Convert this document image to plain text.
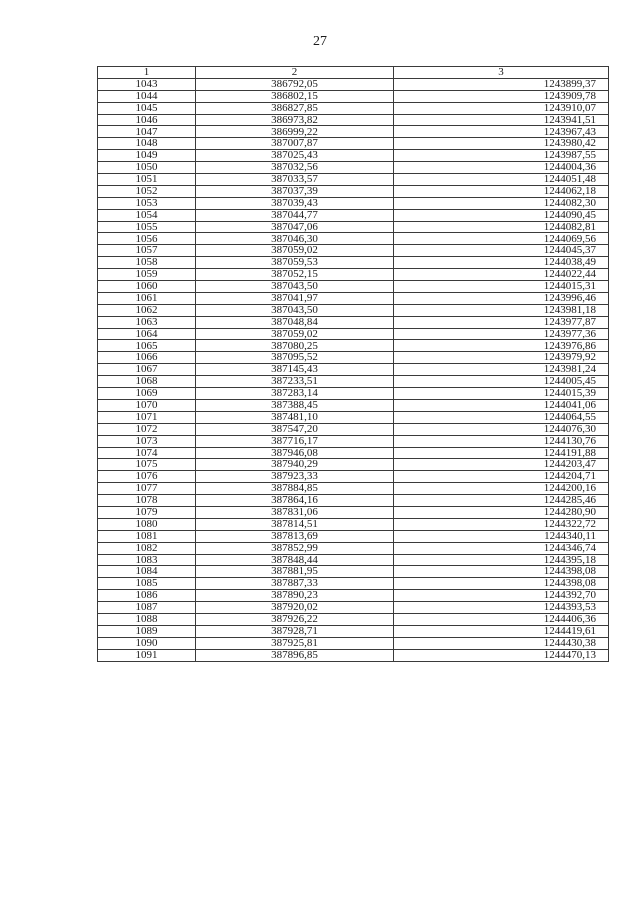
27
1	2	3
1043	386792,05	1243899,37
1044	386802,15	1243909,78
1045	386827,85	1243910,07
1046	386973,82	1243941,51
1047	386999,22	1243967,43
1048	387007,87	1243980,42
1049	387025,43	1243987,55
1050	387032,56	1244004,36
1051	387033,57	1244051,48
1052	387037,39	1244062,18
1053	387039,43	1244082,30
1054	387044,77	1244090,45
1055	387047,06	1244082,81
1056	387046,30	1244069,56
1057	387059,02	1244045,37
1058	387059,53	1244038,49
1059	387052,15	1244022,44
1060	387043,50	1244015,31
1061	387041,97	1243996,46
1062	387043,50	1243981,18
1063	387048,84	1243977,87
1064	387059,02	1243977,36
1065	387080,25	1243976,86
1066	387095,52	1243979,92
1067	387145,43	1243981,24
1068	387233,51	1244005,45
1069	387283,14	1244015,39
1070	387388,45	1244041,06
1071	387481,10	1244064,55
1072	387547,20	1244076,30
1073	387716,17	1244130,76
1074	387946,08	1244191,88
1075	387940,29	1244203,47
1076	387923,33	1244204,71
1077	387884,85	1244200,16
1078	387864,16	1244285,46
1079	387831,06	1244280,90
1080	387814,51	1244322,72
1081	387813,69	1244340,11
1082	387852,99	1244346,74
1083	387848,44	1244395,18
1084	387881,95	1244398,08
1085	387887,33	1244398,08
1086	387890,23	1244392,70
1087	387920,02	1244393,53
1088	387926,22	1244406,36
1089	387928,71	1244419,61
1090	387925,81	1244430,38
1091	387896,85	1244470,13
